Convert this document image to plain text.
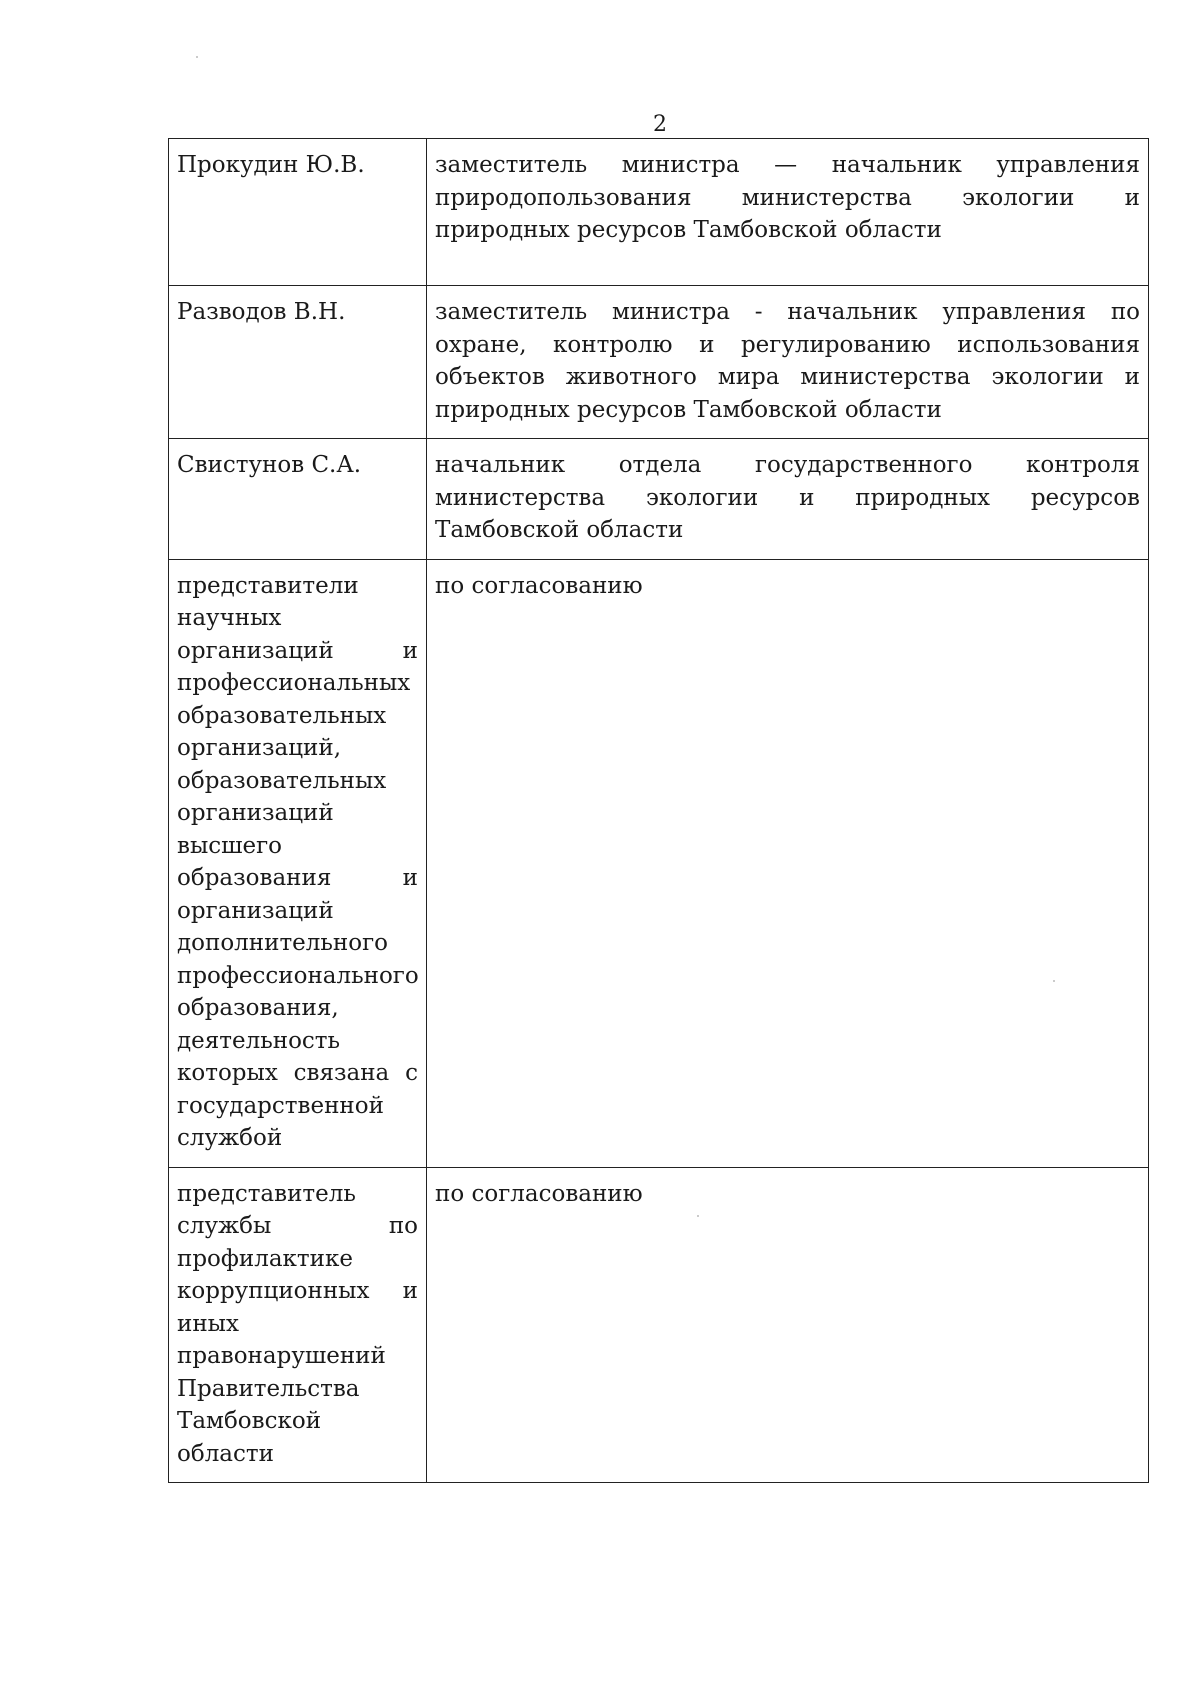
2
Прокудин Ю.В.	заместитель министра — начальник управления природопользования министерства экологии и природных ресурсов Тамбовской области
Разводов В.Н.	заместитель министра - начальник управления по охране, контролю и регулированию использования объектов животного мира министерства экологии и природных ресурсов Тамбовской области
Свистунов С.А.	начальник отдела государственного контроля министерства экологии и природных ресурсов Тамбовской области
представители научных организаций и профессиональных образовательных организаций, образовательных организаций высшего образования и организаций дополнительного профессионального образования, деятельность которых связана с государственной службой	по согласованию
представитель службы по профилактике коррупционных и иных правонарушений Правительства Тамбовской области	по согласованию
